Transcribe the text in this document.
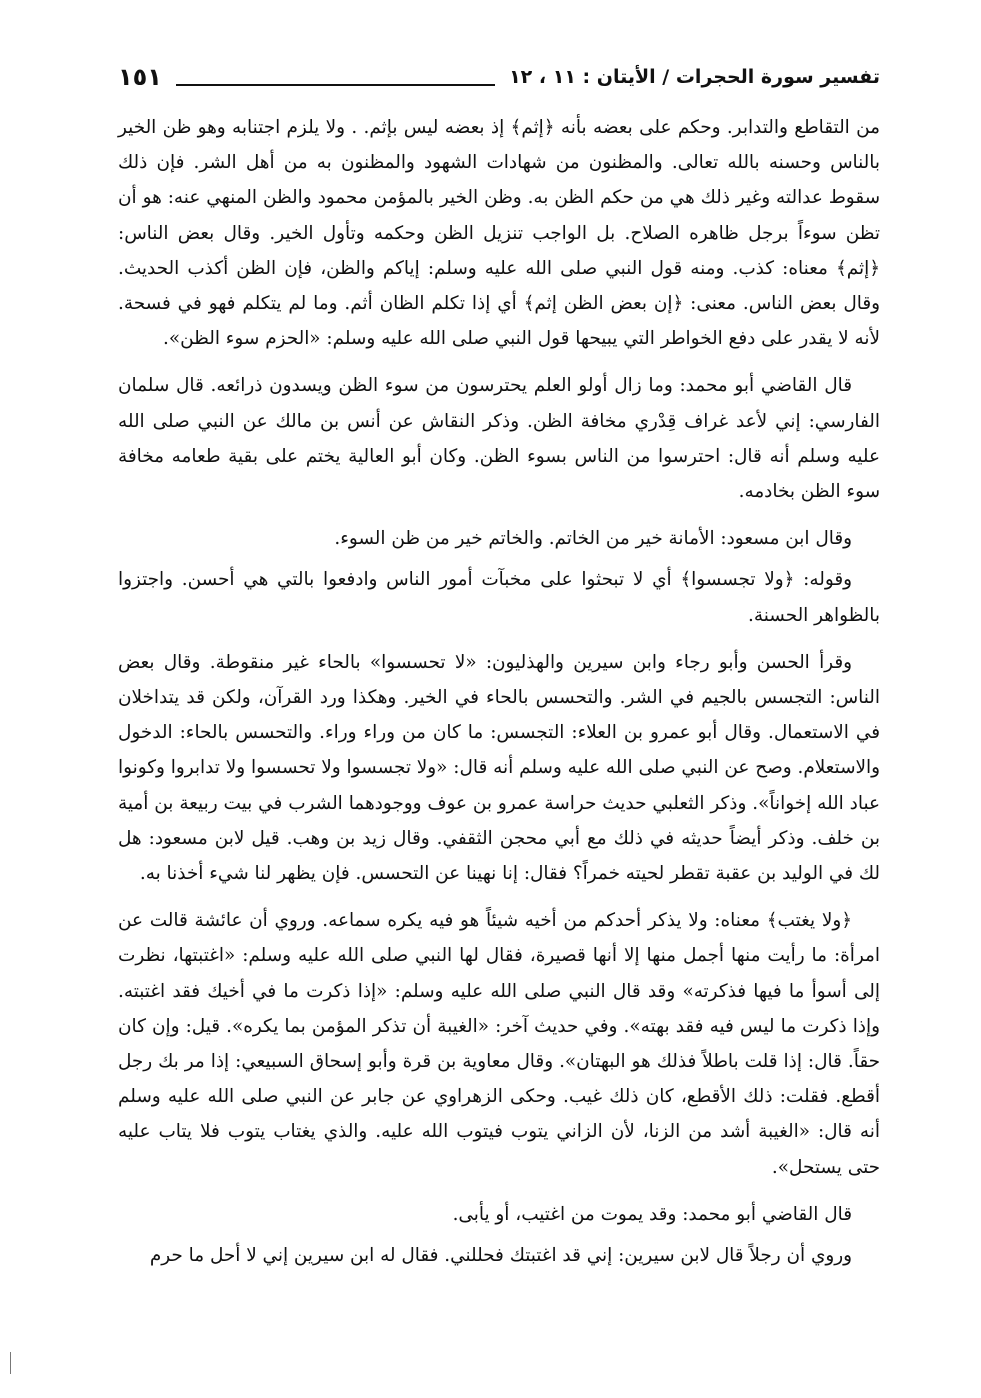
تفسير سورة الحجرات / الأيتان : ١١ ، ١٢
١٥١

من التقاطع والتدابر. وحكم على بعضه بأنه ﴿إثم﴾ إذ بعضه ليس بإثم. . ولا يلزم اجتنابه وهو ظن الخير بالناس وحسنه بالله تعالى. والمظنون من شهادات الشهود والمظنون به من أهل الشر. فإن ذلك سقوط عدالته وغير ذلك هي من حكم الظن به. وظن الخير بالمؤمن محمود والظن المنهي عنه: هو أن تظن سوءاً برجل ظاهره الصلاح. بل الواجب تنزيل الظن وحكمه وتأول الخير. وقال بعض الناس: ﴿إثم﴾ معناه: كذب. ومنه قول النبي صلى الله عليه وسلم: إياكم والظن، فإن الظن أكذب الحديث. وقال بعض الناس. معنى: ﴿إن بعض الظن إثم﴾ أي إذا تكلم الظان أثم. وما لم يتكلم فهو في فسحة. لأنه لا يقدر على دفع الخواطر التي يبيحها قول النبي صلى الله عليه وسلم: «الحزم سوء الظن».

قال القاضي أبو محمد: وما زال أولو العلم يحترسون من سوء الظن ويسدون ذرائعه. قال سلمان الفارسي: إني لأعد غراف قِدْري مخافة الظن. وذكر النقاش عن أنس بن مالك عن النبي صلى الله عليه وسلم أنه قال: احترسوا من الناس بسوء الظن. وكان أبو العالية يختم على بقية طعامه مخافة سوء الظن بخادمه.

وقال ابن مسعود: الأمانة خير من الخاتم. والخاتم خير من ظن السوء.

وقوله: ﴿ولا تجسسوا﴾ أي لا تبحثوا على مخبآت أمور الناس وادفعوا بالتي هي أحسن. واجتزوا بالظواهر الحسنة.

وقرأ الحسن وأبو رجاء وابن سيرين والهذليون: «لا تحسسوا» بالحاء غير منقوطة. وقال بعض الناس: التجسس بالجيم في الشر. والتحسس بالحاء في الخير. وهكذا ورد القرآن، ولكن قد يتداخلان في الاستعمال. وقال أبو عمرو بن العلاء: التجسس: ما كان من وراء وراء. والتحسس بالحاء: الدخول والاستعلام. وصح عن النبي صلى الله عليه وسلم أنه قال: «ولا تجسسوا ولا تحسسوا ولا تدابروا وكونوا عباد الله إخواناً». وذكر الثعلبي حديث حراسة عمرو بن عوف ووجودهما الشرب في بيت ربيعة بن أمية بن خلف. وذكر أيضاً حديثه في ذلك مع أبي محجن الثقفي. وقال زيد بن وهب. قيل لابن مسعود: هل لك في الوليد بن عقبة تقطر لحيته خمراً؟ فقال: إنا نهينا عن التحسس. فإن يظهر لنا شيء أخذنا به.

﴿ولا يغتب﴾ معناه: ولا يذكر أحدكم من أخيه شيئاً هو فيه يكره سماعه. وروي أن عائشة قالت عن امرأة: ما رأيت منها أجمل منها إلا أنها قصيرة، فقال لها النبي صلى الله عليه وسلم: «اغتبتها، نظرت إلى أسوأ ما فيها فذكرته» وقد قال النبي صلى الله عليه وسلم: «إذا ذكرت ما في أخيك فقد اغتبته. وإذا ذكرت ما ليس فيه فقد بهته». وفي حديث آخر: «الغيبة أن تذكر المؤمن بما يكره». قيل: وإن كان حقاً. قال: إذا قلت باطلاً فذلك هو البهتان». وقال معاوية بن قرة وأبو إسحاق السبيعي: إذا مر بك رجل أقطع. فقلت: ذلك الأقطع، كان ذلك غيب. وحكى الزهراوي عن جابر عن النبي صلى الله عليه وسلم أنه قال: «الغيبة أشد من الزنا، لأن الزاني يتوب فيتوب الله عليه. والذي يغتاب يتوب فلا يتاب عليه حتى يستحل».

قال القاضي أبو محمد: وقد يموت من اغتيب، أو يأبى.

وروي أن رجلاً قال لابن سيرين: إني قد اغتبتك فحللني. فقال له ابن سيرين إني لا أحل ما حرم
